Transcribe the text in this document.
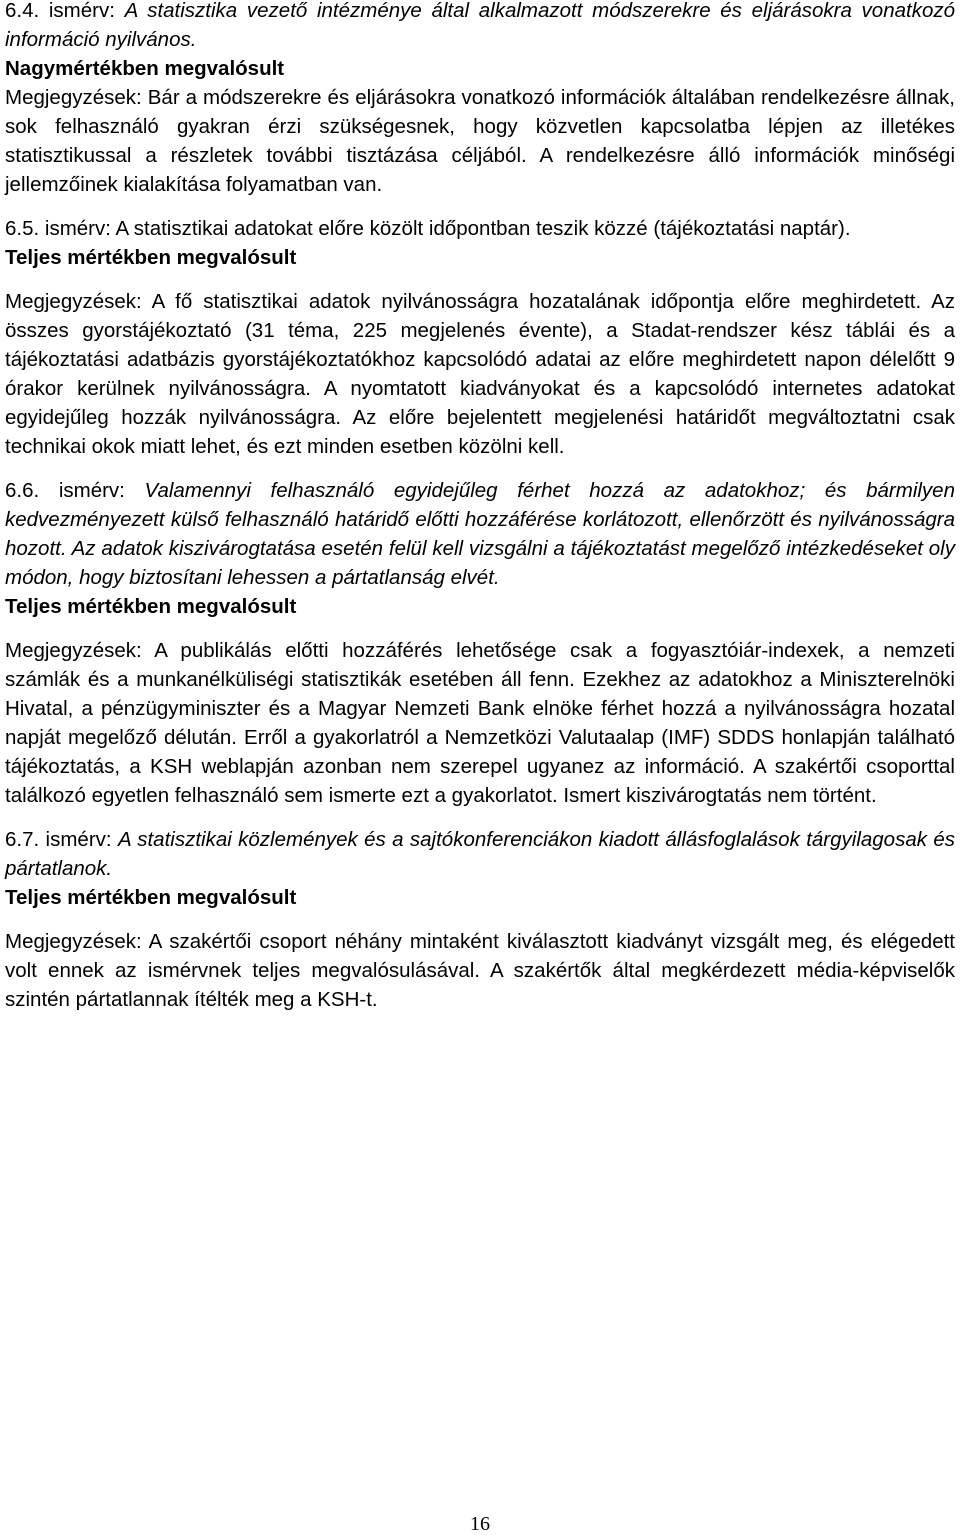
6.4. ismérv: A statisztika vezető intézménye által alkalmazott módszerekre és eljárásokra vonatkozó információ nyilvános.

Nagymértékben megvalósult

Megjegyzések: Bár a módszerekre és eljárásokra vonatkozó információk általában rendelkezésre állnak, sok felhasználó gyakran érzi szükségesnek, hogy közvetlen kapcsolatba lépjen az illetékes statisztikussal a részletek további tisztázása céljából. A rendelkezésre álló információk minőségi jellemzőinek kialakítása folyamatban van.

6.5. ismérv: A statisztikai adatokat előre közölt időpontban teszik közzé (tájékoztatási naptár).

Teljes mértékben megvalósult

Megjegyzések: A fő statisztikai adatok nyilvánosságra hozatalának időpontja előre meghirdetett. Az összes gyorstájékoztató (31 téma, 225 megjelenés évente), a Stadat-rendszer kész táblái és a tájékoztatási adatbázis gyorstájékoztatókhoz kapcsolódó adatai az előre meghirdetett napon délelőtt 9 órakor kerülnek nyilvánosságra. A nyomtatott kiadványokat és a kapcsolódó internetes adatokat egyidejűleg hozzák nyilvánosságra. Az előre bejelentett megjelenési határidőt megváltoztatni csak technikai okok miatt lehet, és ezt minden esetben közölni kell.

6.6. ismérv: Valamennyi felhasználó egyidejűleg férhet hozzá az adatokhoz; és bármilyen kedvezményezett külső felhasználó határidő előtti hozzáférése korlátozott, ellenőrzött és nyilvánosságra hozott. Az adatok kiszivárogtatása esetén felül kell vizsgálni a tájékoztatást megelőző intézkedéseket oly módon, hogy biztosítani lehessen a pártatlanság elvét.

Teljes mértékben megvalósult

Megjegyzések: A publikálás előtti hozzáférés lehetősége csak a fogyasztóiár-indexek, a nemzeti számlák és a munkanélküliségi statisztikák esetében áll fenn. Ezekhez az adatokhoz a Miniszterelnöki Hivatal, a pénzügyminiszter és a Magyar Nemzeti Bank elnöke férhet hozzá a nyilvánosságra hozatal napját megelőző délután. Erről a gyakorlatról a Nemzetközi Valutaalap (IMF) SDDS honlapján található tájékoztatás, a KSH weblapján azonban nem szerepel ugyanez az információ. A szakértői csoporttal találkozó egyetlen felhasználó sem ismerte ezt a gyakorlatot. Ismert kiszivárogtatás nem történt.

6.7. ismérv: A statisztikai közlemények és a sajtókonferenciákon kiadott állásfoglalások tárgyilagosak és pártatlanok.

Teljes mértékben megvalósult

Megjegyzések: A szakértői csoport néhány mintaként kiválasztott kiadványt vizsgált meg, és elégedett volt ennek az ismérvnek teljes megvalósulásával. A szakértők által megkérdezett média-képviselők szintén pártatlannak ítélték meg a KSH-t.

16
